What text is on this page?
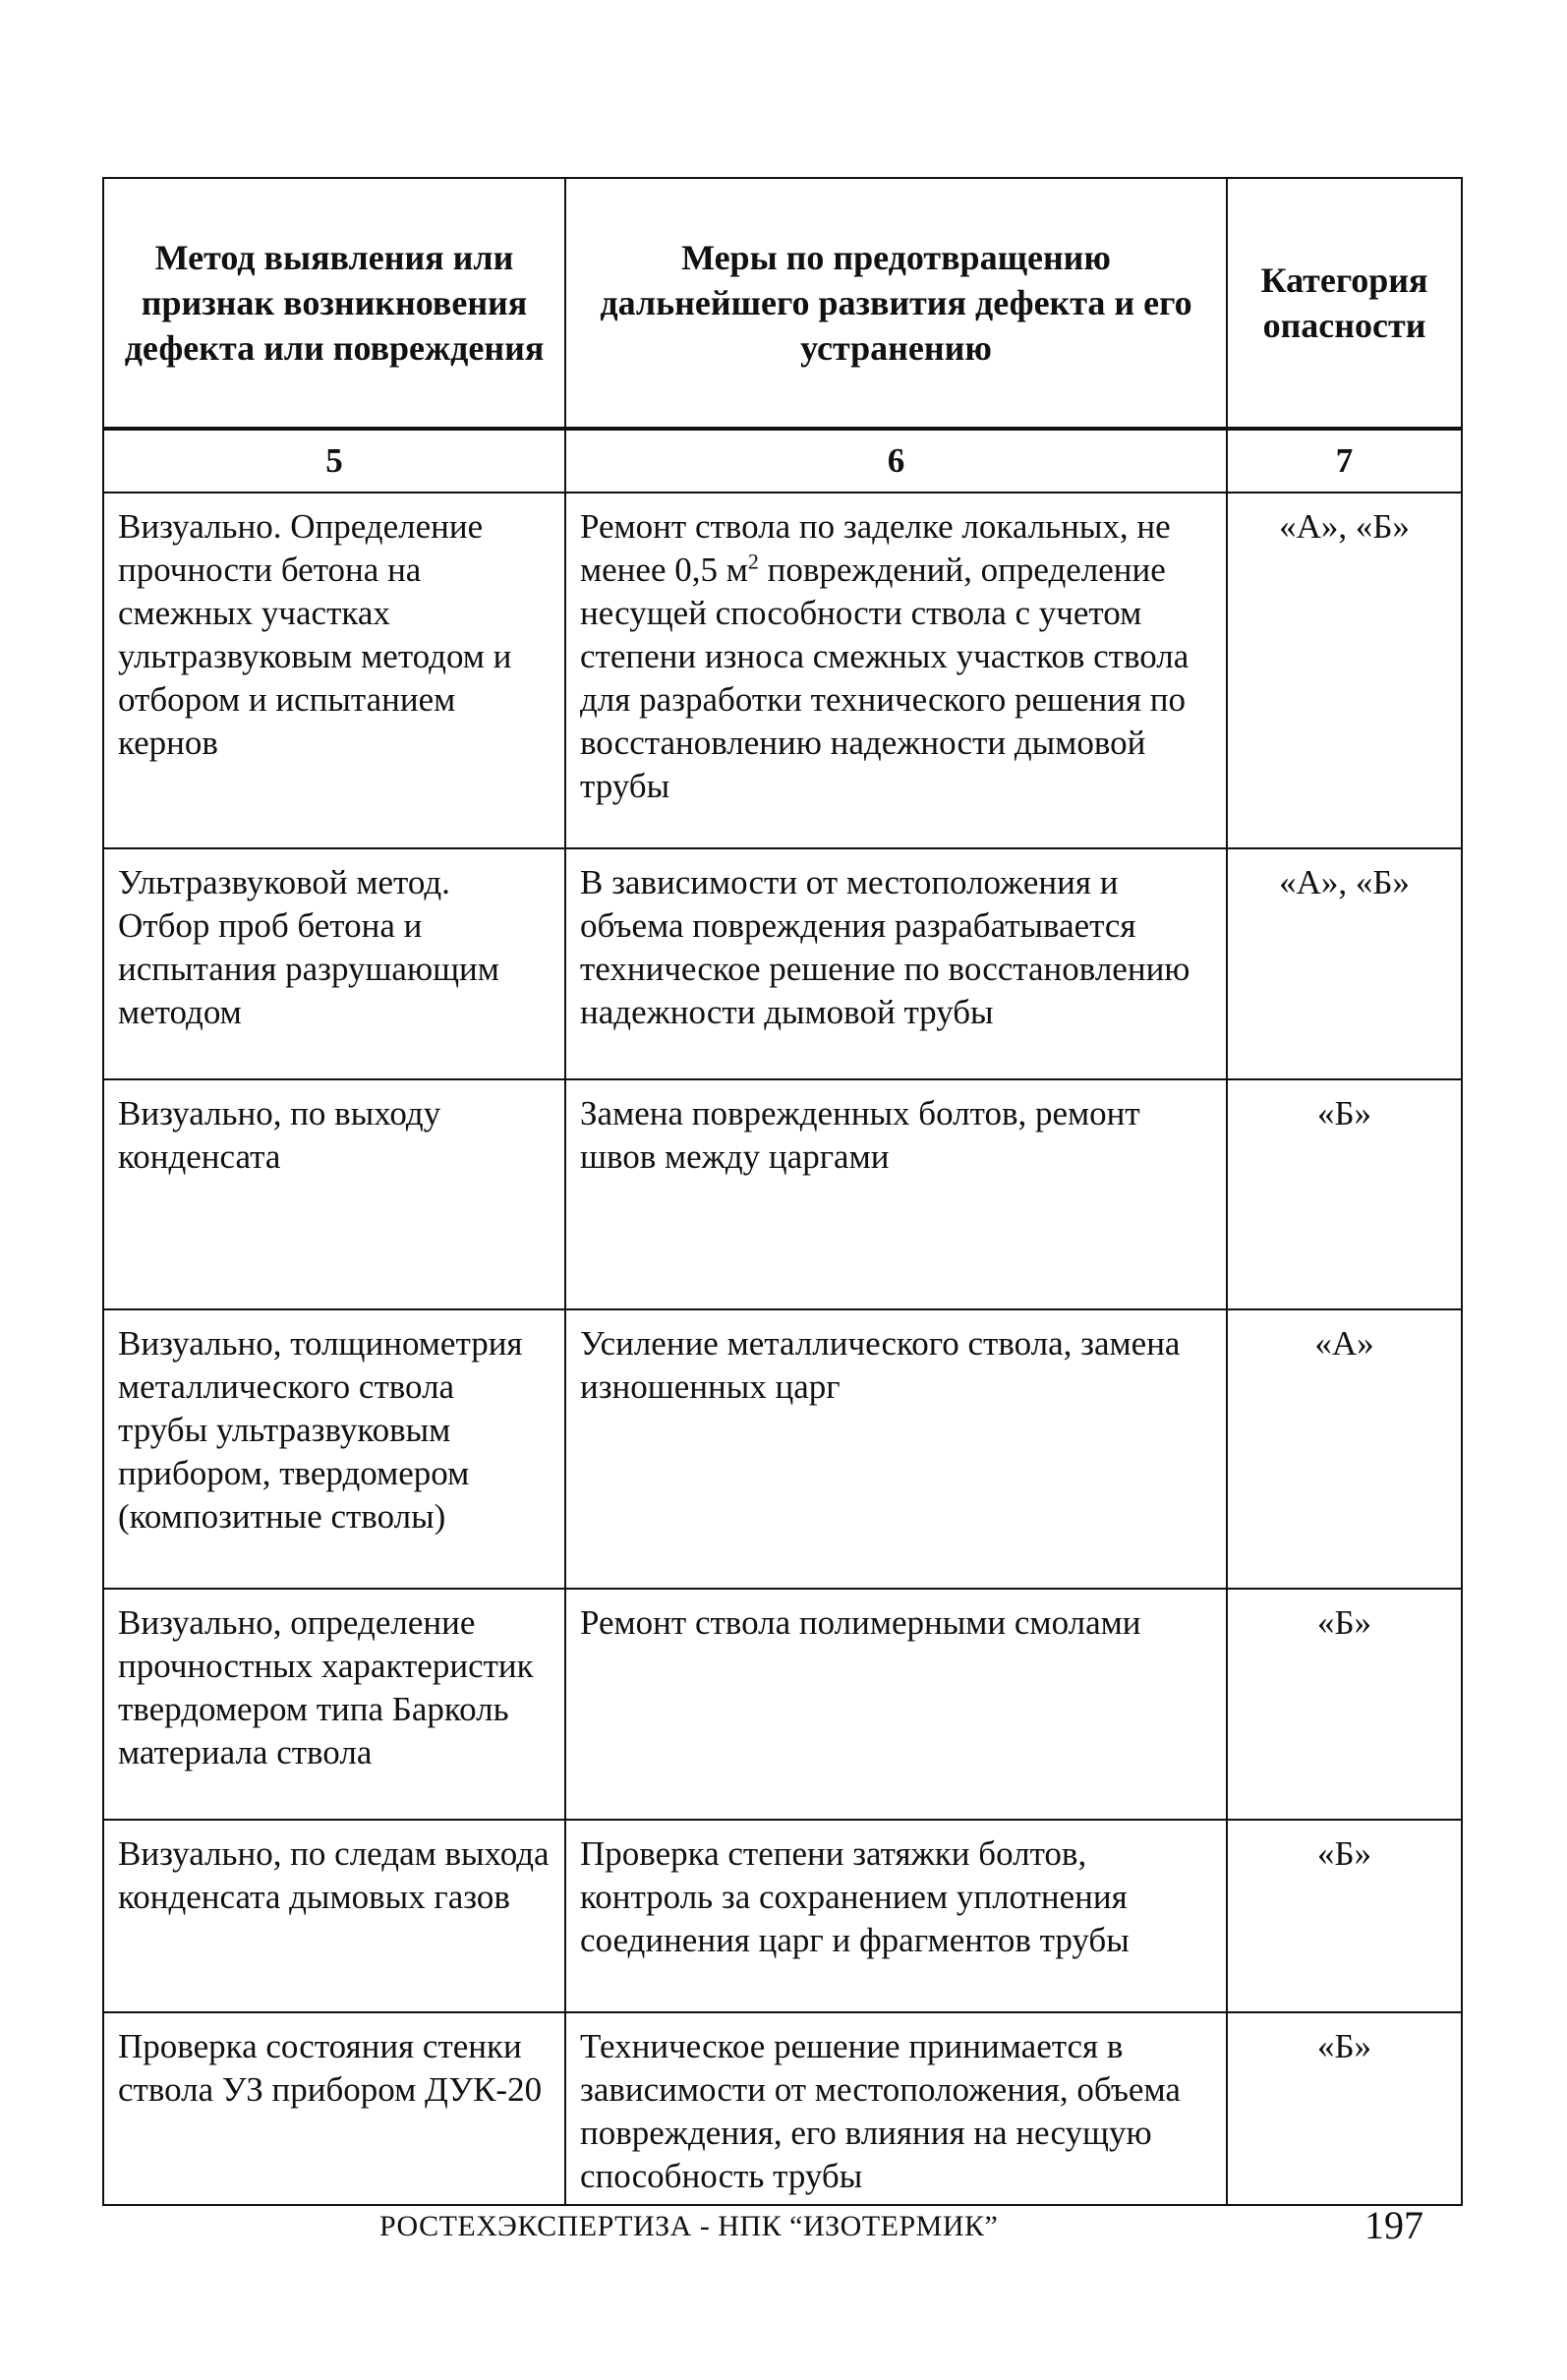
Метод выявления или признак возникновения дефекта или повреждения	Меры по предотвращению дальнейшего развития дефекта и его устранению	Категория опасности
5	6	7
Визуально. Определение прочности бетона на смежных участках ультразвуковым методом и отбором и испытанием кернов	Ремонт ствола по заделке локальных, не менее 0,5 $м^2$ повреждений, определение несущей способности ствола с учетом степени износа смежных участков ствола для разработки технического решения по восстановлению надежности дымовой трубы	«А», «Б»
Ультразвуковой метод. Отбор проб бетона и испытания разрушающим методом	В зависимости от местоположения и объема повреждения разрабатывается техническое решение по восстановлению надежности дымовой трубы	«А», «Б»
Визуально, по выходу конденсата	Замена поврежденных болтов, ремонт швов между царгами	«Б»
Визуально, толщинометрия металлического ствола трубы ультразвуковым прибором, твердомером (композитные стволы)	Усиление металлического ствола, замена изношенных царг	«А»
Визуально, определение прочностных характеристик твердомером типа Барколь материала ствола	Ремонт ствола полимерными смолами	«Б»
Визуально, по следам выхода конденсата дымовых газов	Проверка степени затяжки болтов, контроль за сохранением уплотнения соединения царг и фрагментов трубы	«Б»
Проверка состояния стенки ствола УЗ прибором ДУК-20	Техническое решение принимается в зависимости от местоположения, объема повреждения, его влияния на несущую способность трубы	«Б»
РОСТЕХЭКСПЕРТИЗА - НПК “ИЗОТЕРМИК”	197
